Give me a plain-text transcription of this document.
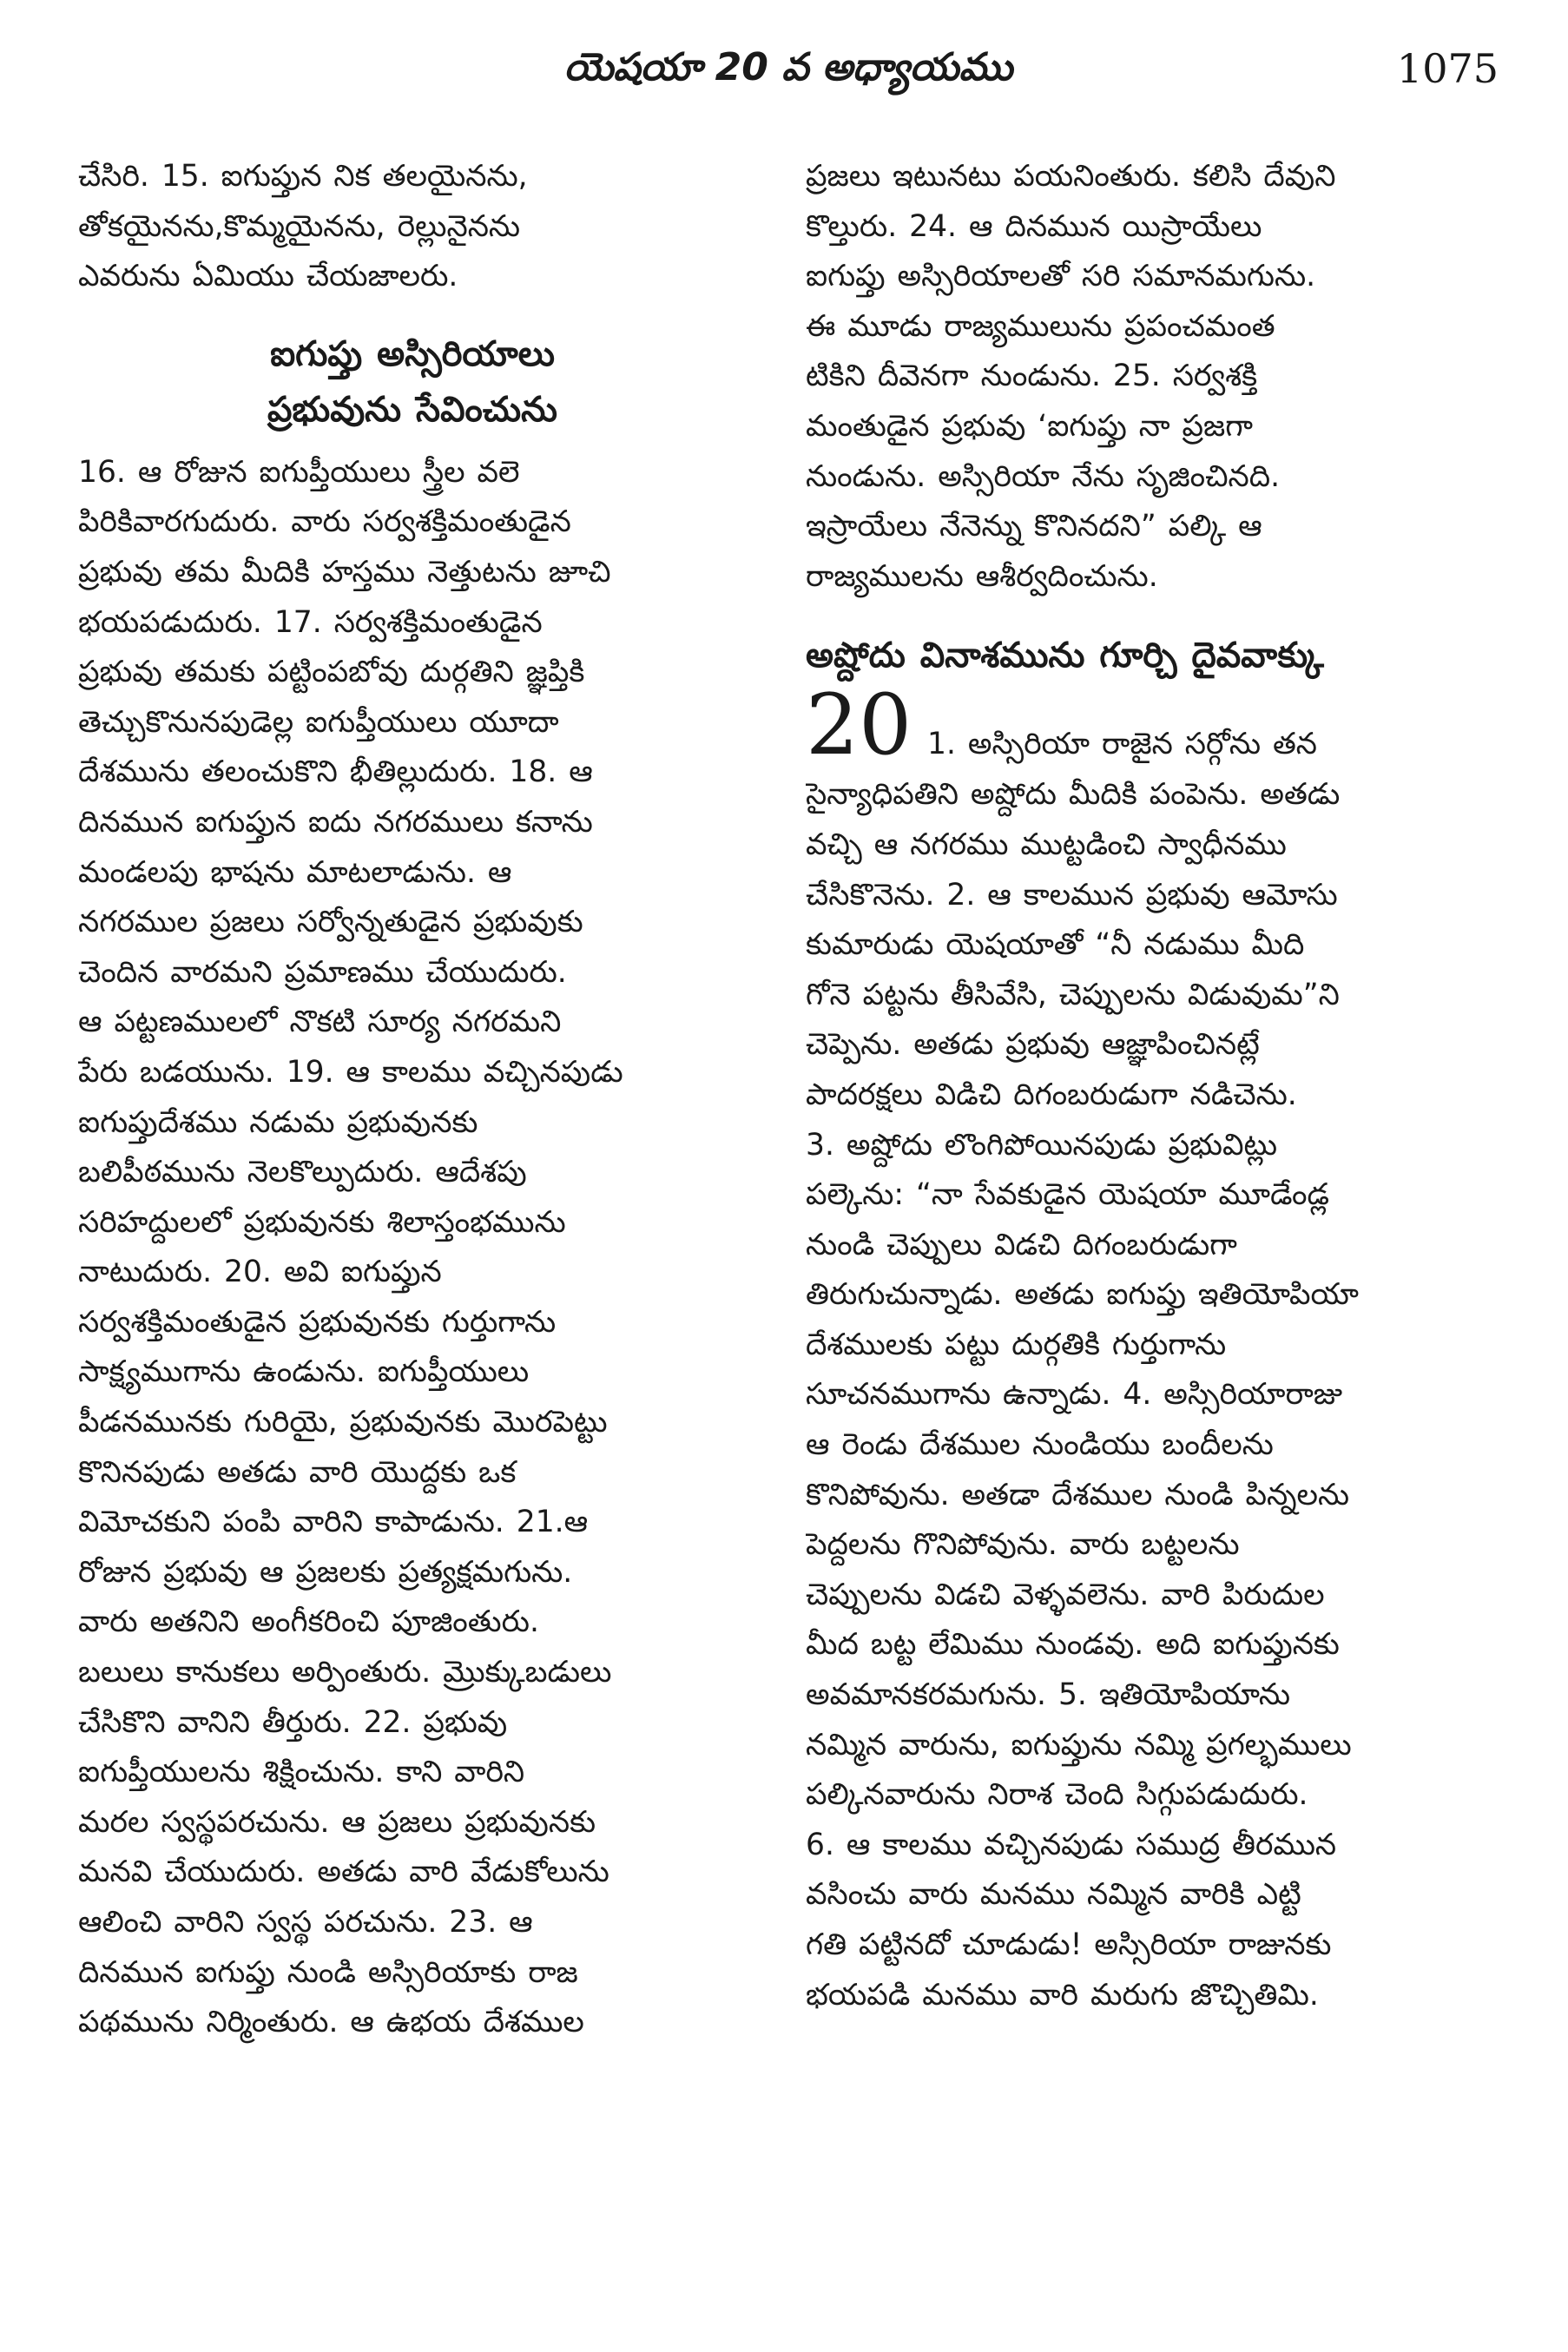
యెషయా 20 వ అధ్యాయము	1075
చేసిరి. 15. ఐగుప్తున నిక తలయైనను,
తోకయైనను,కొమ్మయైనను, రెల్లునైనను
ఎవరును ఏమియు చేయజాలరు.
ఐగుప్తు అస్సిరియాలు
ప్రభువును సేవించును
16. ఆ రోజున ఐగుప్తీయులు స్త్రీల వలె
పిరికివారగుదురు. వారు సర్వశక్తిమంతుడైన
ప్రభువు తమ మీదికి హస్తము నెత్తుటను జూచి
భయపడుదురు. 17. సర్వశక్తిమంతుడైన
ప్రభువు తమకు పట్టింపబోవు దుర్గతిని జ్ఞప్తికి
తెచ్చుకొనునపుడెల్ల ఐగుప్తీయులు యూదా
దేశమును తలంచుకొని భీతిల్లుదురు. 18. ఆ
దినమున ఐగుప్తున ఐదు నగరములు కనాను
మండలపు భాషను మాటలాడును. ఆ
నగరముల ప్రజలు సర్వోన్నతుడైన ప్రభువుకు
చెందిన వారమని ప్రమాణము చేయుదురు.
ఆ పట్టణములలో నొకటి సూర్య నగరమని
పేరు బడయును. 19. ఆ కాలము వచ్చినపుడు
ఐగుప్తుదేశము నడుమ ప్రభువునకు
బలిపీఠమును నెలకొల్పుదురు. ఆదేశపు
సరిహద్దులలో ప్రభువునకు శిలాస్తంభమును
నాటుదురు. 20. అవి ఐగుప్తున
సర్వశక్తిమంతుడైన ప్రభువునకు గుర్తుగాను
సాక్ష్యముగాను ఉండును. ఐగుప్తీయులు
పీడనమునకు గురియై, ప్రభువునకు మొరపెట్టు
కొనినపుడు అతడు వారి యొద్దకు ఒక
విమోచకుని పంపి వారిని కాపాడును. 21.ఆ
రోజున ప్రభువు ఆ ప్రజలకు ప్రత్యక్షమగును.
వారు అతనిని అంగీకరించి పూజింతురు.
బలులు కానుకలు అర్పింతురు. మ్రొక్కుబడులు
చేసికొని వానిని తీర్తురు. 22. ప్రభువు
ఐగుప్తీయులను శిక్షించును. కాని వారిని
మరల స్వస్థపరచును. ఆ ప్రజలు ప్రభువునకు
మనవి చేయుదురు. అతడు వారి వేడుకోలును
ఆలించి వారిని స్వస్థ పరచును. 23. ఆ
దినమున ఐగుప్తు నుండి అస్సిరియాకు రాజ
పథమును నిర్మింతురు. ఆ ఉభయ దేశముల
ప్రజలు ఇటునటు పయనింతురు. కలిసి దేవుని
కొల్తురు. 24. ఆ దినమున యిస్రాయేలు
ఐగుప్తు అస్సిరియాలతో సరి సమానమగును.
ఈ మూడు రాజ్యములును ప్రపంచమంత
టికిని దీవెనగా నుండును. 25. సర్వశక్తి
మంతుడైన ప్రభువు ‘ఐగుప్తు నా ప్రజగా
నుండును. అస్సిరియా నేను సృజించినది.
ఇస్రాయేలు నేనెన్ను కొనినదని” పల్కి ఆ
రాజ్యములను ఆశీర్వదించును.
అష్దోదు వినాశమును గూర్చి దైవవాక్కు
20 1. అస్సిరియా రాజైన సర్గోను తన
సైన్యాధిపతిని అష్దోదు మీదికి పంపెను. అతడు
వచ్చి ఆ నగరము ముట్టడించి స్వాధీనము
చేసికొనెను. 2. ఆ కాలమున ప్రభువు ఆమోసు
కుమారుడు యెషయాతో “నీ నడుము మీది
గోనె పట్టను తీసివేసి, చెప్పులను విడువుమ”ని
చెప్పెను. అతడు ప్రభువు ఆజ్ఞాపించినట్లే
పాదరక్షలు విడిచి దిగంబరుడుగా నడిచెను.
3. అష్దోదు లొంగిపోయినపుడు ప్రభువిట్లు
పల్కెను: “నా సేవకుడైన యెషయా మూడేండ్ల
నుండి చెప్పులు విడచి దిగంబరుడుగా
తిరుగుచున్నాడు. అతడు ఐగుప్తు ఇతియోపియా
దేశములకు పట్టు దుర్గతికి గుర్తుగాను
సూచనముగాను ఉన్నాడు. 4. అస్సిరియారాజు
ఆ రెండు దేశముల నుండియు బందీలను
కొనిపోవును. అతడా దేశముల నుండి పిన్నలను
పెద్దలను గొనిపోవును. వారు బట్టలను
చెప్పులను విడచి వెళ్ళవలెను. వారి పిరుదుల
మీద బట్ట లేమిము నుండవు. అది ఐగుప్తునకు
అవమానకరమగును. 5. ఇతియోపియాను
నమ్మిన వారును, ఐగుప్తును నమ్మి ప్రగల్భములు
పల్కినవారును నిరాశ చెంది సిగ్గుపడుదురు.
6. ఆ కాలము వచ్చినపుడు సముద్ర తీరమున
వసించు వారు మనము నమ్మిన వారికి ఎట్టి
గతి పట్టినదో చూడుడు! అస్సిరియా రాజునకు
భయపడి మనము వారి మరుగు జొచ్చితిమి.
